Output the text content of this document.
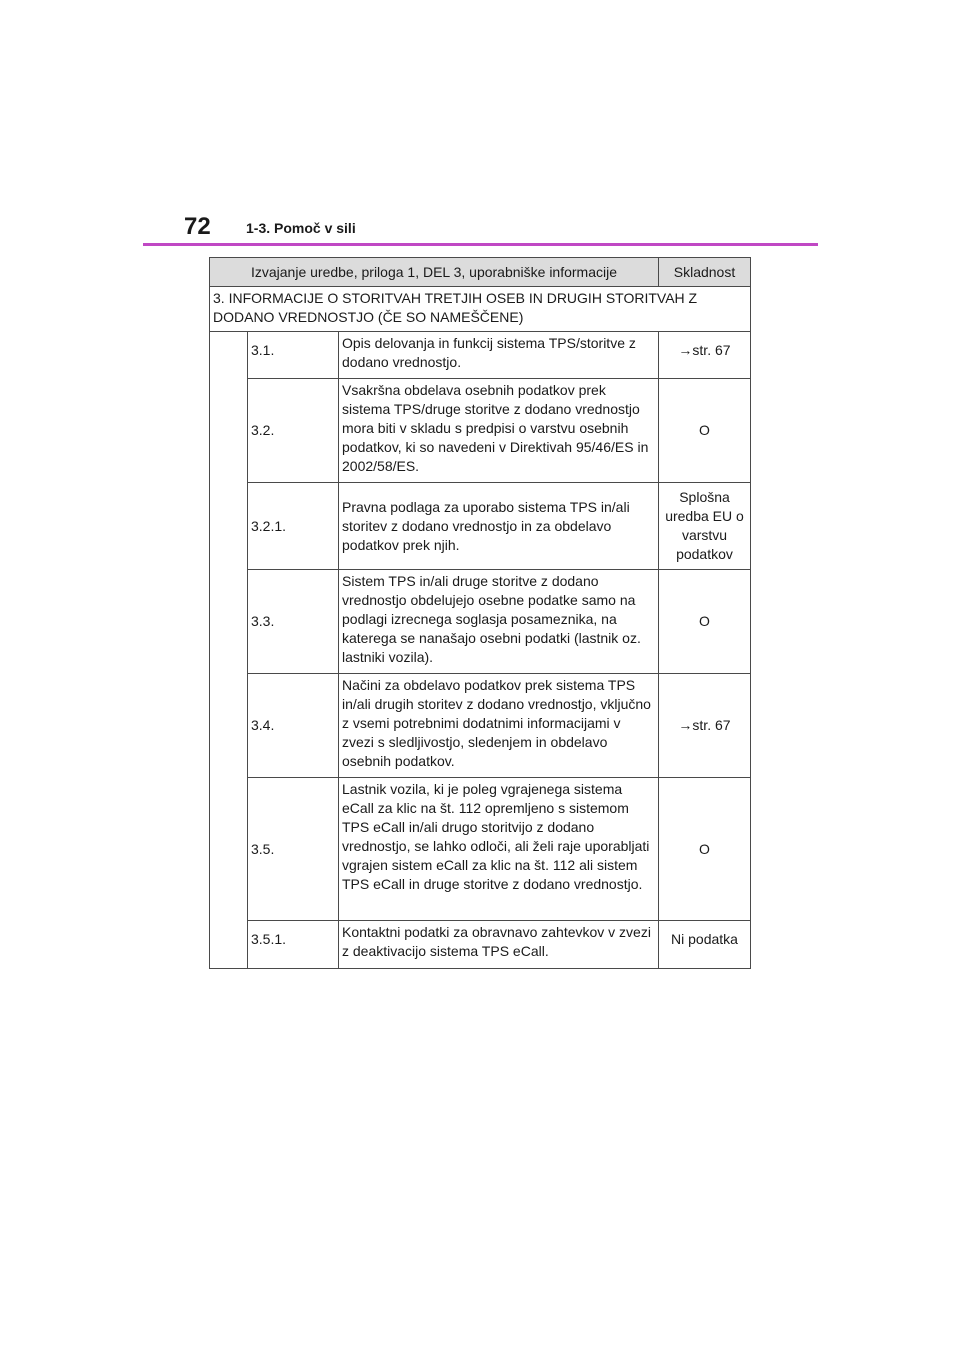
72	1-3. Pomoč v sili
Izvajanje uredbe, priloga 1, DEL 3, uporabniške informacije			Skladnost
3. INFORMACIJE O STORITVAH TRETJIH OSEB IN DRUGIH STORITVAH Z DODANO VREDNOSTJO (ČE SO NAMEŠČENE)			
	3.1.	Opis delovanja in funkcij sistema TPS/storitve z dodano vrednostjo.	→str. 67
	3.2.	Vsakršna obdelava osebnih podatkov prek sistema TPS/druge storitve z dodano vrednostjo mora biti v skladu s predpisi o varstvu osebnih podatkov, ki so navedeni v Direktivah 95/46/ES in 2002/58/ES.	O
	3.2.1.	Pravna podlaga za uporabo sistema TPS in/ali storitev z dodano vrednostjo in za obdelavo podatkov prek njih.	Splošna uredba EU o varstvu podatkov
	3.3.	Sistem TPS in/ali druge storitve z dodano vrednostjo obdelujejo osebne podatke samo na podlagi izrecnega soglasja posameznika, na katerega se nanašajo osebni podatki (lastnik oz. lastniki vozila).	O
	3.4.	Načini za obdelavo podatkov prek sistema TPS in/ali drugih storitev z dodano vrednostjo, vključno z vsemi potrebnimi dodatnimi informacijami v zvezi s sledljivostjo, sledenjem in obdelavo osebnih podatkov.	→str. 67
	3.5.	Lastnik vozila, ki je poleg vgrajenega sistema eCall za klic na št. 112 opremljeno s sistemom TPS eCall in/ali drugo storitvijo z dodano vrednostjo, se lahko odloči, ali želi raje uporabljati vgrajen sistem eCall za klic na št. 112 ali sistem TPS eCall in druge storitve z dodano vrednostjo.	O
	3.5.1.	Kontaktni podatki za obravnavo zahtevkov v zvezi z deaktivacijo sistema TPS eCall.	Ni podatka
